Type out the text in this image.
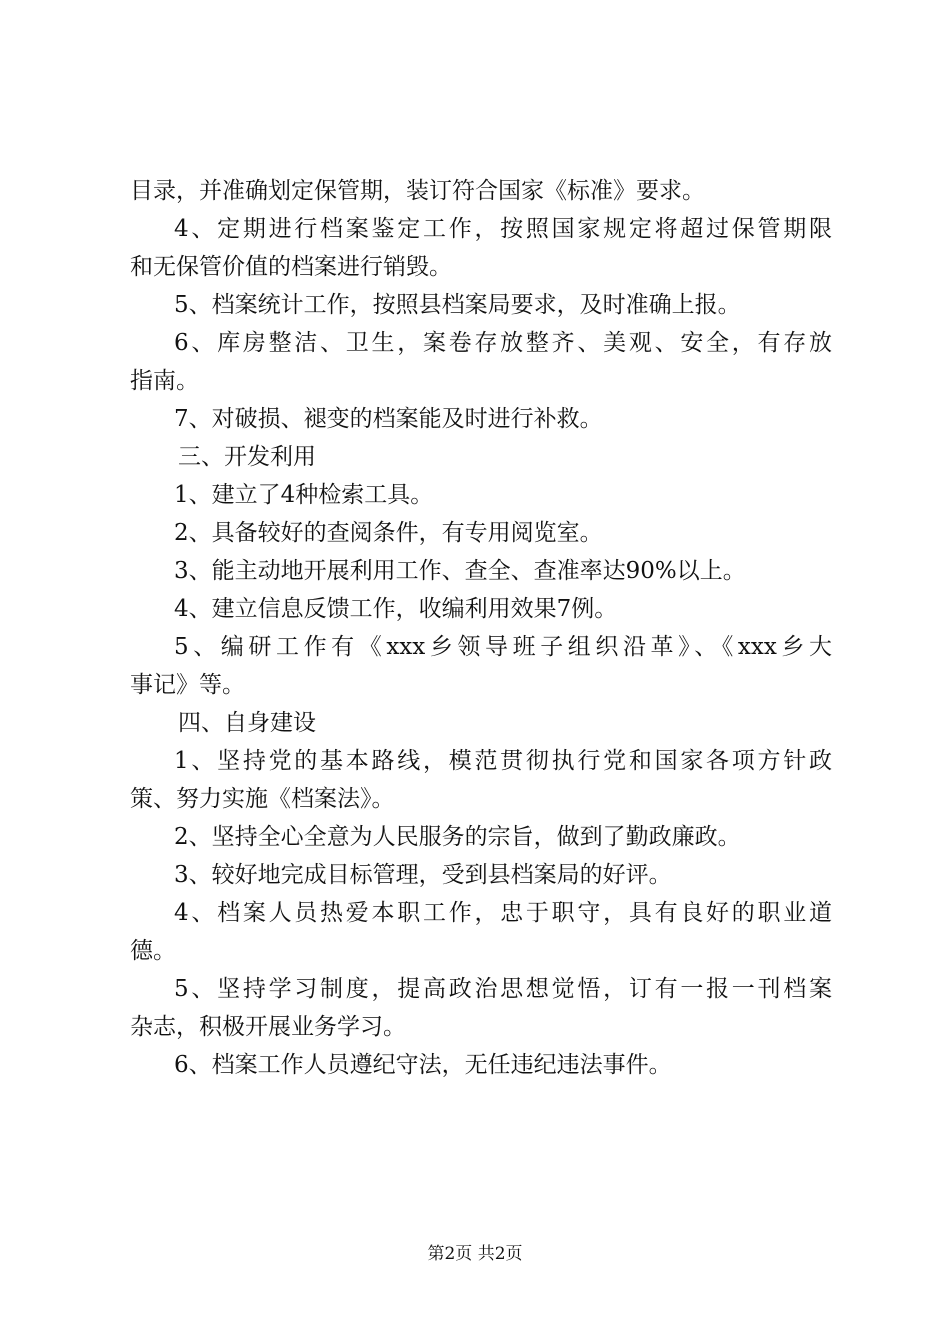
目录，并准确划定保管期，装订符合国家《标准》要求。
4、定期进行档案鉴定工作，按照国家规定将超过保管期限
和无保管价值的档案进行销毁。
5、档案统计工作，按照县档案局要求，及时准确上报。
6、库房整洁、卫生，案卷存放整齐、美观、安全，有存放
指南。
7、对破损、褪变的档案能及时进行补救。
三、开发利用
1、建立了4种检索工具。
2、具备较好的查阅条件，有专用阅览室。
3、能主动地开展利用工作、查全、查准率达90%以上。
4、建立信息反馈工作，收编利用效果7例。
5、编研工作有《xxx乡领导班子组织沿革》、《xxx乡大
事记》等。
四、自身建设
1、坚持党的基本路线，模范贯彻执行党和国家各项方针政
策、努力实施《档案法》。
2、坚持全心全意为人民服务的宗旨，做到了勤政廉政。
3、较好地完成目标管理，受到县档案局的好评。
4、档案人员热爱本职工作，忠于职守，具有良好的职业道
德。
5、坚持学习制度，提高政治思想觉悟，订有一报一刊档案
杂志，积极开展业务学习。
6、档案工作人员遵纪守法，无任违纪违法事件。
第2页 共2页
